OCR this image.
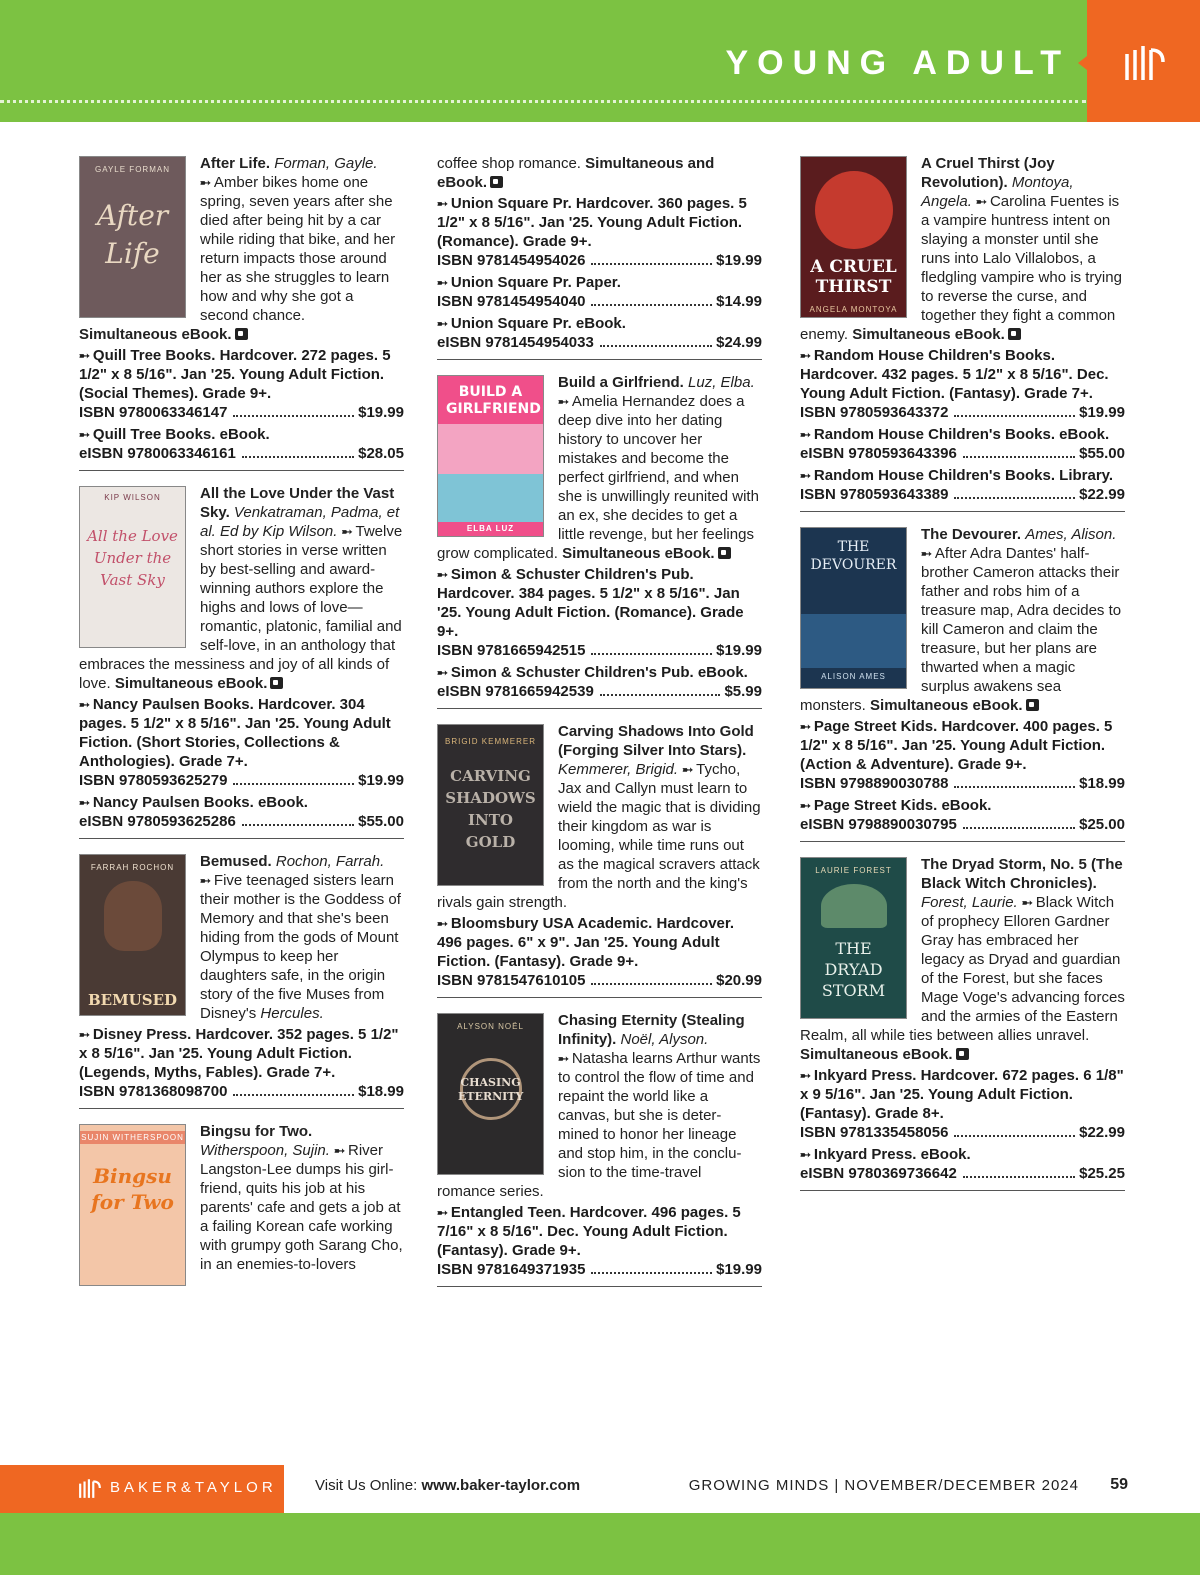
YOUNG ADULT
GAYLE FORMAN
After Life
After Life. Forman, Gayle. ➸ Amber bikes home one spring, seven years after she died after being hit by a car while riding that bike, and her return impacts those around her as she struggles to learn how and why she got a second chance. Simultaneous eBook.
➸ Quill Tree Books. Hardcover. 272 pages. 5 1/2" x 8 5/16". Jan '25. Young Adult Fiction. (Social Themes). Grade 9+.
ISBN 9780063346147	$19.99
➸ Quill Tree Books. eBook.
eISBN 9780063346161	$28.05
KIP WILSON
All the Love Under the Vast Sky
All the Love Under the Vast Sky. Venkatraman, Padma, et al. Ed by Kip Wilson. ➸ Twelve short stories in verse written by best-selling and award-winning authors explore the highs and lows of love—romantic, platonic, familial and self-love, in an anthology that embraces the messiness and joy of all kinds of love. Simultaneous eBook.
➸ Nancy Paulsen Books. Hardcover. 304 pages. 5 1/2" x 8 5/16". Jan '25. Young Adult Fiction. (Short Stories, Collections & Anthologies). Grade 7+.
ISBN 9780593625279	$19.99
➸ Nancy Paulsen Books. eBook.
eISBN 9780593625286	$55.00
FARRAH ROCHON
BEMUSED
Bemused. Rochon, Farrah. ➸ Five teenaged sisters learn their mother is the Goddess of Memory and that she's been hiding from the gods of Mount Olympus to keep her daughters safe, in the origin story of the five Muses from Disney's Hercules.
➸ Disney Press. Hardcover. 352 pages. 5 1/2" x 8 5/16". Jan '25. Young Adult Fiction. (Legends, Myths, Fables). Grade 7+.
ISBN 9781368098700	$18.99
SUJIN WITHERSPOON
Bingsu for Two
Bingsu for Two. Witherspoon, Sujin. ➸ River Langston-Lee dumps his girl-friend, quits his job at his parents' cafe and gets a job at a failing Korean cafe working with grumpy goth Sarang Cho, in an enemies-to-lovers
coffee shop romance. Simultaneous and eBook.
➸ Union Square Pr. Hardcover. 360 pages. 5 1/2" x 8 5/16". Jan '25. Young Adult Fiction. (Romance). Grade 9+.
ISBN 9781454954026	$19.99
➸ Union Square Pr. Paper.
ISBN 9781454954040	$14.99
➸ Union Square Pr. eBook.
eISBN 9781454954033	$24.99
BUILD A GIRLFRIEND
ELBA LUZ
Build a Girlfriend. Luz, Elba. ➸ Amelia Hernandez does a deep dive into her dating history to uncover her mistakes and become the perfect girlfriend, and when she is unwillingly reunited with an ex, she decides to get a little revenge, but her feelings grow complicated. Simultaneous eBook.
➸ Simon & Schuster Children's Pub. Hardcover. 384 pages. 5 1/2" x 8 5/16". Jan '25. Young Adult Fiction. (Romance). Grade 9+.
ISBN 9781665942515	$19.99
➸ Simon & Schuster Children's Pub. eBook.
eISBN 9781665942539	$5.99
BRIGID KEMMERER
CARVING SHADOWS INTO GOLD
Carving Shadows Into Gold (Forging Silver Into Stars). Kemmerer, Brigid. ➸ Tycho, Jax and Callyn must learn to wield the magic that is dividing their kingdom as war is looming, while time runs out as the magical scravers attack from the north and the king's rivals gain strength.
➸ Bloomsbury USA Academic. Hardcover. 496 pages. 6" x 9". Jan '25. Young Adult Fiction. (Fantasy). Grade 9+.
ISBN 9781547610105	$20.99
ALYSON NOËL
CHASING ETERNITY
Chasing Eternity (Stealing Infinity). Noël, Alyson. ➸ Natasha learns Arthur wants to control the flow of time and repaint the world like a canvas, but she is deter-mined to honor her lineage and stop him, in the conclu-sion to the time-travel romance series.
➸ Entangled Teen. Hardcover. 496 pages. 5 7/16" x 8 5/16". Dec. Young Adult Fiction. (Fantasy). Grade 9+.
ISBN 9781649371935	$19.99
A CRUEL THIRST
ANGELA MONTOYA
A Cruel Thirst (Joy Revolution). Montoya, Angela. ➸ Carolina Fuentes is a vampire huntress intent on slaying a monster until she runs into Lalo Villalobos, a fledgling vampire who is trying to reverse the curse, and together they fight a common enemy. Simultaneous eBook.
➸ Random House Children's Books. Hardcover. 432 pages. 5 1/2" x 8 5/16". Dec. Young Adult Fiction. (Fantasy). Grade 7+.
ISBN 9780593643372	$19.99
➸ Random House Children's Books. eBook.
eISBN 9780593643396	$55.00
➸ Random House Children's Books. Library.
ISBN 9780593643389	$22.99
THE DEVOURER
ALISON AMES
The Devourer. Ames, Alison. ➸ After Adra Dantes' half-brother Cameron attacks their father and robs him of a treasure map, Adra decides to kill Cameron and claim the treasure, but her plans are thwarted when a magic surplus awakens sea monsters. Simultaneous eBook.
➸ Page Street Kids. Hardcover. 400 pages. 5 1/2" x 8 5/16". Jan '25. Young Adult Fiction. (Action & Adventure). Grade 9+.
ISBN 9798890030788	$18.99
➸ Page Street Kids. eBook.
eISBN 9798890030795	$25.00
LAURIE FOREST
THE DRYAD STORM
The Dryad Storm, No. 5 (The Black Witch Chronicles). Forest, Laurie. ➸ Black Witch of prophecy Elloren Gardner Gray has embraced her legacy as Dryad and guardian of the Forest, but she faces Mage Voge's advancing forces and the armies of the Eastern Realm, all while ties between allies unravel. Simultaneous eBook.
➸ Inkyard Press. Hardcover. 672 pages. 6 1/8" x 9 5/16". Jan '25. Young Adult Fiction. (Fantasy). Grade 8+.
ISBN 9781335458056	$22.99
➸ Inkyard Press. eBook.
eISBN 9780369736642	$25.25
BAKER&TAYLOR	Visit Us Online: www.baker-taylor.com	GROWING MINDS | NOVEMBER/DECEMBER 2024 59
